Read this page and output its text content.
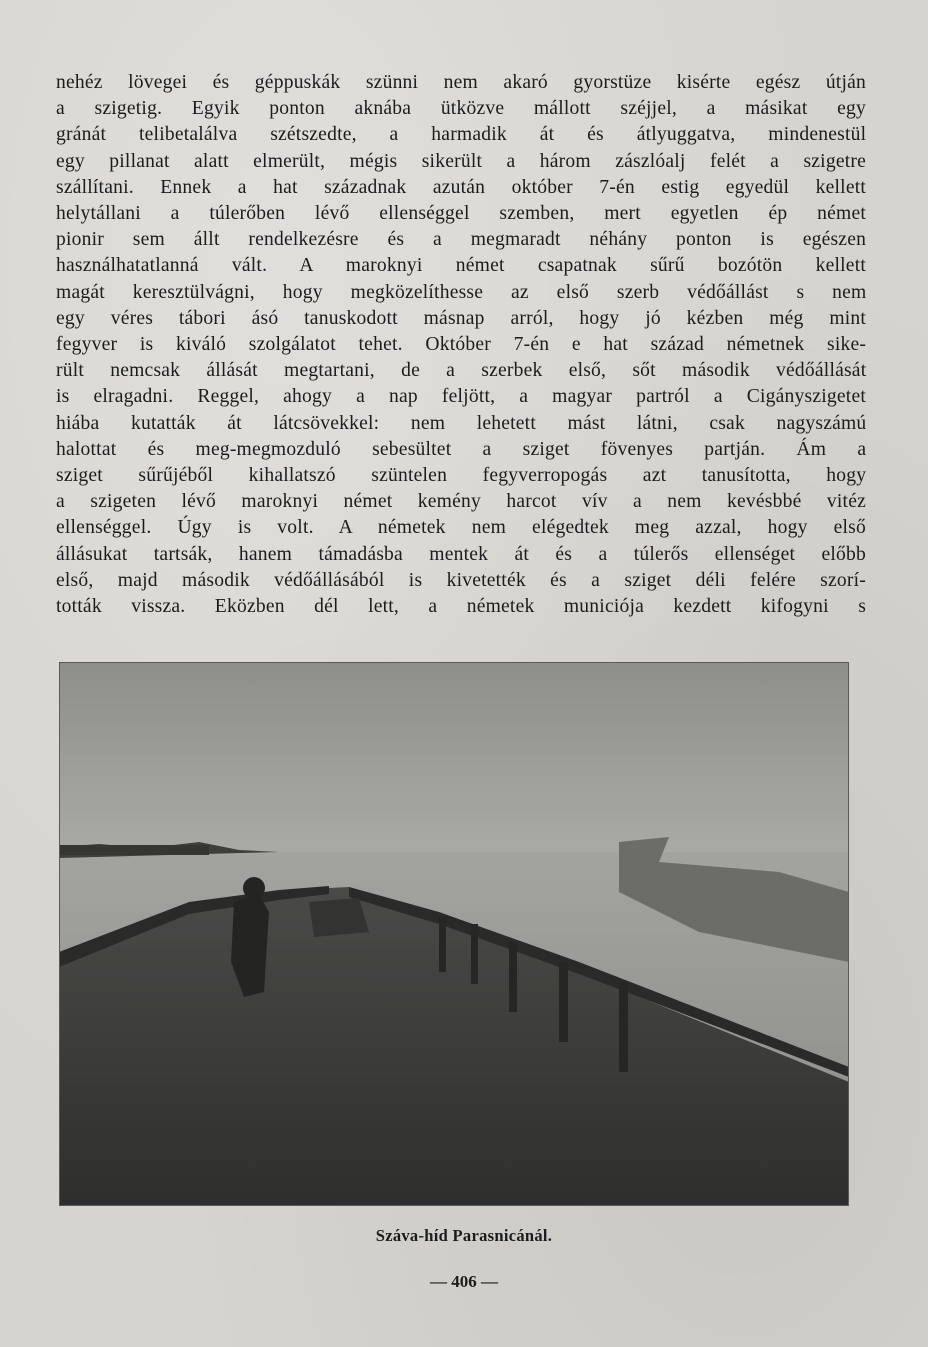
nehéz lövegei és géppuskák szünni nem akaró gyorstüze kisérte egész útján
a szigetig. Egyik ponton aknába ütközve mállott széjjel, a másikat egy
gránát telibetalálva szétszedte, a harmadik át és átlyuggatva, mindenestül
egy pillanat alatt elmerült, mégis sikerült a három zászlóalj felét a szigetre
szállítani. Ennek a hat századnak azután október 7-én estig egyedül kellett
helytállani a túlerőben lévő ellenséggel szemben, mert egyetlen ép német
pionir sem állt rendelkezésre és a megmaradt néhány ponton is egészen
használhatatlanná vált. A maroknyi német csapatnak sűrű bozótön kellett
magát keresztülvágni, hogy megközelíthesse az első szerb védőállást s nem
egy véres tábori ásó tanuskodott másnap arról, hogy jó kézben még mint
fegyver is kiváló szolgálatot tehet. Október 7-én e hat század németnek sike-
rült nemcsak állását megtartani, de a szerbek első, sőt második védőállását
is elragadni. Reggel, ahogy a nap feljött, a magyar partról a Cigányszigetet
hiába kutatták át látcsövekkel: nem lehetett mást látni, csak nagyszámú
halottat és meg-megmozduló sebesültet a sziget fövenyes partján. Ám a
sziget sűrűjéből kihallatszó szüntelen fegyverropogás azt tanusította, hogy
a szigeten lévő maroknyi német kemény harcot vív a nem kevésbbé vitéz
ellenséggel. Úgy is volt. A németek nem elégedtek meg azzal, hogy első
állásukat tartsák, hanem támadásba mentek át és a túlerős ellenséget előbb
első, majd második védőállásából is kivetették és a sziget déli felére szorí-
tották vissza. Eközben dél lett, a németek municiója kezdett kifogyni s
Száva-híd Parasnicánál.
— 406 —
